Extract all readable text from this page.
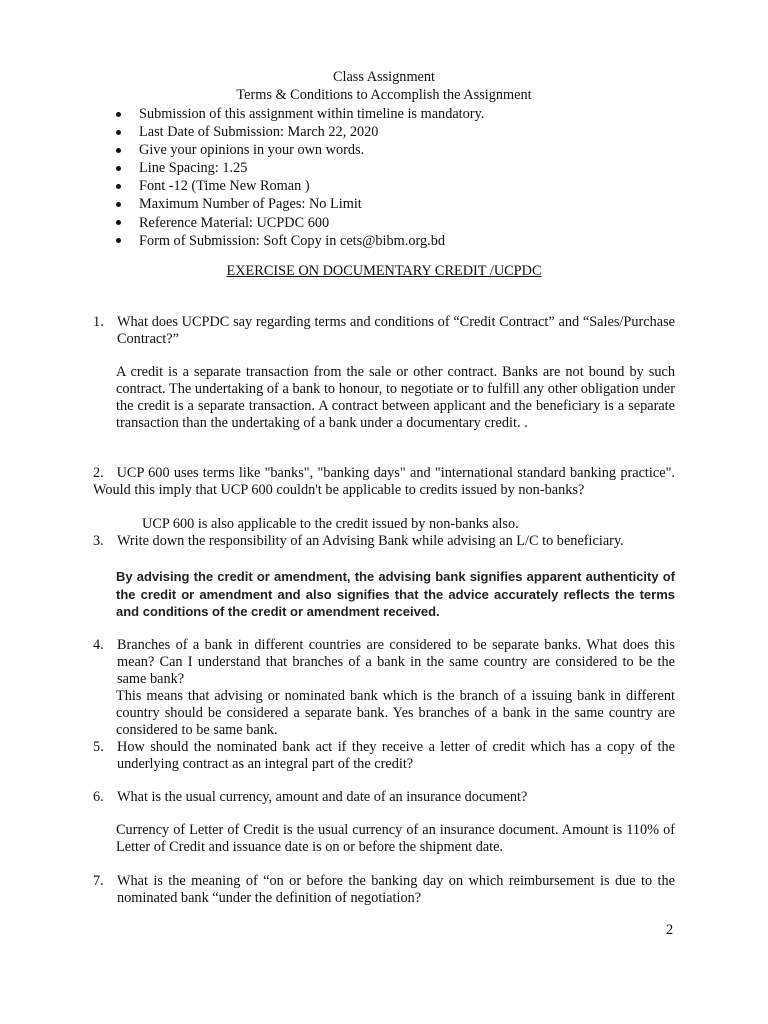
Class Assignment
Terms & Conditions to Accomplish the Assignment
Submission of this assignment within timeline is mandatory.
Last Date of Submission: March 22, 2020
Give your opinions in your own words.
Line Spacing: 1.25
Font -12 (Time New Roman )
Maximum Number of Pages: No Limit
Reference Material: UCPDC 600
Form of Submission: Soft Copy in cets@bibm.org.bd
EXERCISE ON DOCUMENTARY CREDIT /UCPDC
1. What does UCPDC say regarding terms and conditions of “Credit Contract” and “Sales/Purchase Contract?”
A credit is a separate transaction from the sale or other contract. Banks are not bound by such contract. The undertaking of a bank to honour, to negotiate or to fulfill any other obligation under the credit is a separate transaction. A contract between applicant and the beneficiary is a separate transaction than the undertaking of a bank under a documentary credit. .
2. UCP 600 uses terms like "banks", "banking days" and "international standard banking practice". Would this imply that UCP 600 couldn't be applicable to credits issued by non-banks?
UCP 600 is also applicable to the credit issued by non-banks also.
3. Write down the responsibility of an Advising Bank while advising an L/C to beneficiary.
By advising the credit or amendment, the advising bank signifies apparent authenticity of the credit or amendment and also signifies that the advice accurately reflects the terms and conditions of the credit or amendment received.
4. Branches of a bank in different countries are considered to be separate banks. What does this mean? Can I understand that branches of a bank in the same country are considered to be the same bank?
This means that advising or nominated bank which is the branch of a issuing bank in different country should be considered a separate bank. Yes branches of a bank in the same country are considered to be same bank.
5. How should the nominated bank act if they receive a letter of credit which has a copy of the underlying contract as an integral part of the credit?
6. What is the usual currency, amount and date of an insurance document?
Currency of Letter of Credit is the usual currency of an insurance document. Amount is 110% of Letter of Credit and issuance date is on or before the shipment date.
7. What is the meaning of “on or before the banking day on which reimbursement is due to the nominated bank “under the definition of negotiation?
2
